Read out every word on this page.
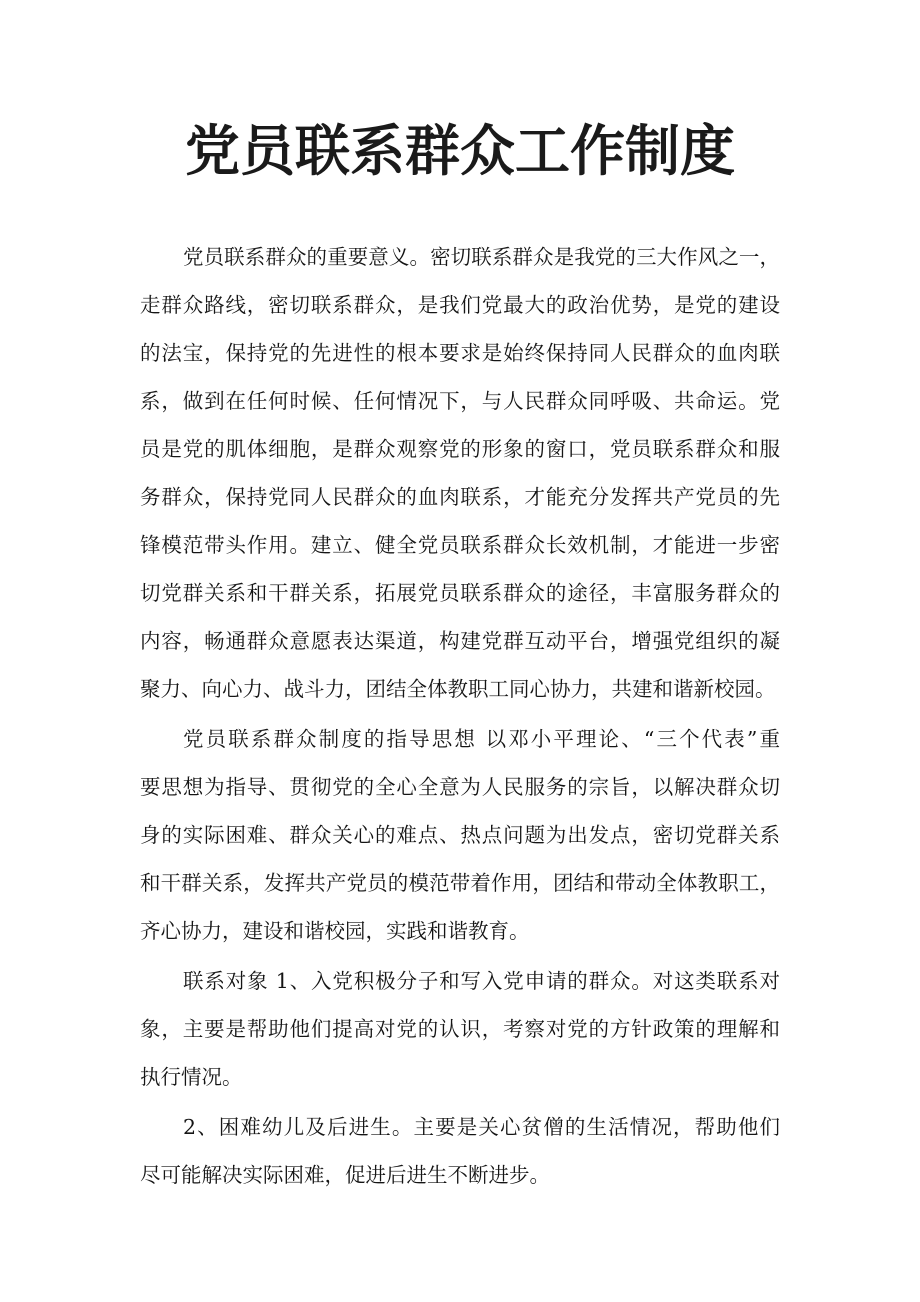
党员联系群众工作制度
党员联系群众的重要意义。密切联系群众是我党的三大作风之一，
走群众路线，密切联系群众，是我们党最大的政治优势，是党的建设
的法宝，保持党的先进性的根本要求是始终保持同人民群众的血肉联
系，做到在任何时候、任何情况下，与人民群众同呼吸、共命运。党
员是党的肌体细胞，是群众观察党的形象的窗口，党员联系群众和服
务群众，保持党同人民群众的血肉联系，才能充分发挥共产党员的先
锋模范带头作用。建立、健全党员联系群众长效机制，才能进一步密
切党群关系和干群关系，拓展党员联系群众的途径，丰富服务群众的
内容，畅通群众意愿表达渠道，构建党群互动平台，增强党组织的凝
聚力、向心力、战斗力，团结全体教职工同心协力，共建和谐新校园。
党员联系群众制度的指导思想 以邓小平理论、“三个代表”重
要思想为指导、贯彻党的全心全意为人民服务的宗旨，以解决群众切
身的实际困难、群众关心的难点、热点问题为出发点，密切党群关系
和干群关系，发挥共产党员的模范带着作用，团结和带动全体教职工，
齐心协力，建设和谐校园，实践和谐教育。
联系对象 1、入党积极分子和写入党申请的群众。对这类联系对
象，主要是帮助他们提高对党的认识，考察对党的方针政策的理解和
执行情况。
2、困难幼儿及后进生。主要是关心贫僧的生活情况，帮助他们
尽可能解决实际困难，促进后进生不断进步。
